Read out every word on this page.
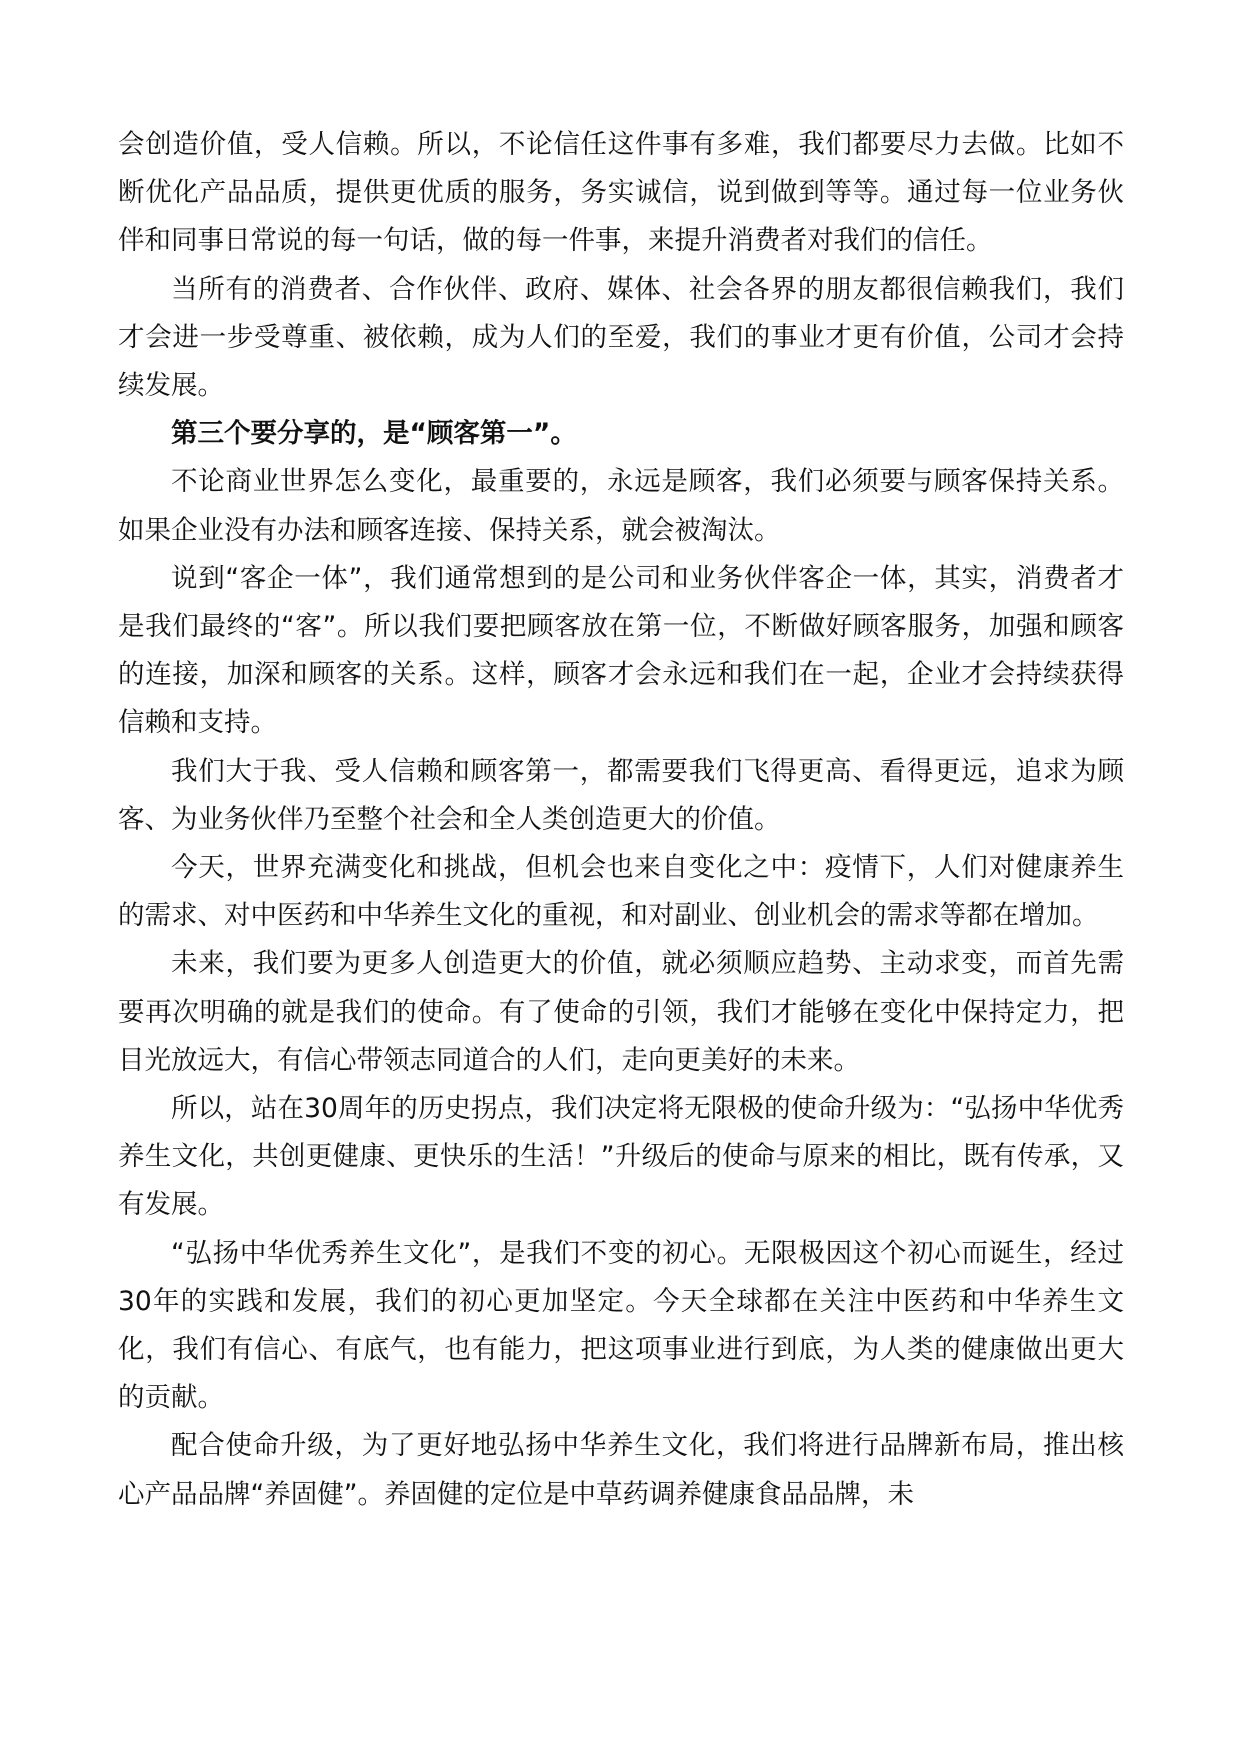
会创造价值，受人信赖。所以，不论信任这件事有多难，我们都要尽力去做。比如不断优化产品品质，提供更优质的服务，务实诚信，说到做到等等。通过每一位业务伙伴和同事日常说的每一句话，做的每一件事，来提升消费者对我们的信任。

当所有的消费者、合作伙伴、政府、媒体、社会各界的朋友都很信赖我们，我们才会进一步受尊重、被依赖，成为人们的至爱，我们的事业才更有价值，公司才会持续发展。

第三个要分享的，是“顾客第一”。

不论商业世界怎么变化，最重要的，永远是顾客，我们必须要与顾客保持关系。如果企业没有办法和顾客连接、保持关系，就会被淘汰。

说到“客企一体”，我们通常想到的是公司和业务伙伴客企一体，其实，消费者才是我们最终的“客”。所以我们要把顾客放在第一位，不断做好顾客服务，加强和顾客的连接，加深和顾客的关系。这样，顾客才会永远和我们在一起，企业才会持续获得信赖和支持。

我们大于我、受人信赖和顾客第一，都需要我们飞得更高、看得更远，追求为顾客、为业务伙伴乃至整个社会和全人类创造更大的价值。

今天，世界充满变化和挑战，但机会也来自变化之中：疫情下，人们对健康养生的需求、对中医药和中华养生文化的重视，和对副业、创业机会的需求等都在增加。

未来，我们要为更多人创造更大的价值，就必须顺应趋势、主动求变，而首先需要再次明确的就是我们的使命。有了使命的引领，我们才能够在变化中保持定力，把目光放远大，有信心带领志同道合的人们，走向更美好的未来。

所以，站在30周年的历史拐点，我们决定将无限极的使命升级为：“弘扬中华优秀养生文化，共创更健康、更快乐的生活！”升级后的使命与原来的相比，既有传承，又有发展。

“弘扬中华优秀养生文化”，是我们不变的初心。无限极因这个初心而诞生，经过30年的实践和发展，我们的初心更加坚定。今天全球都在关注中医药和中华养生文化，我们有信心、有底气，也有能力，把这项事业进行到底，为人类的健康做出更大的贡献。

配合使命升级，为了更好地弘扬中华养生文化，我们将进行品牌新布局，推出核心产品品牌“养固健”。养固健的定位是中草药调养健康食品品牌，未
